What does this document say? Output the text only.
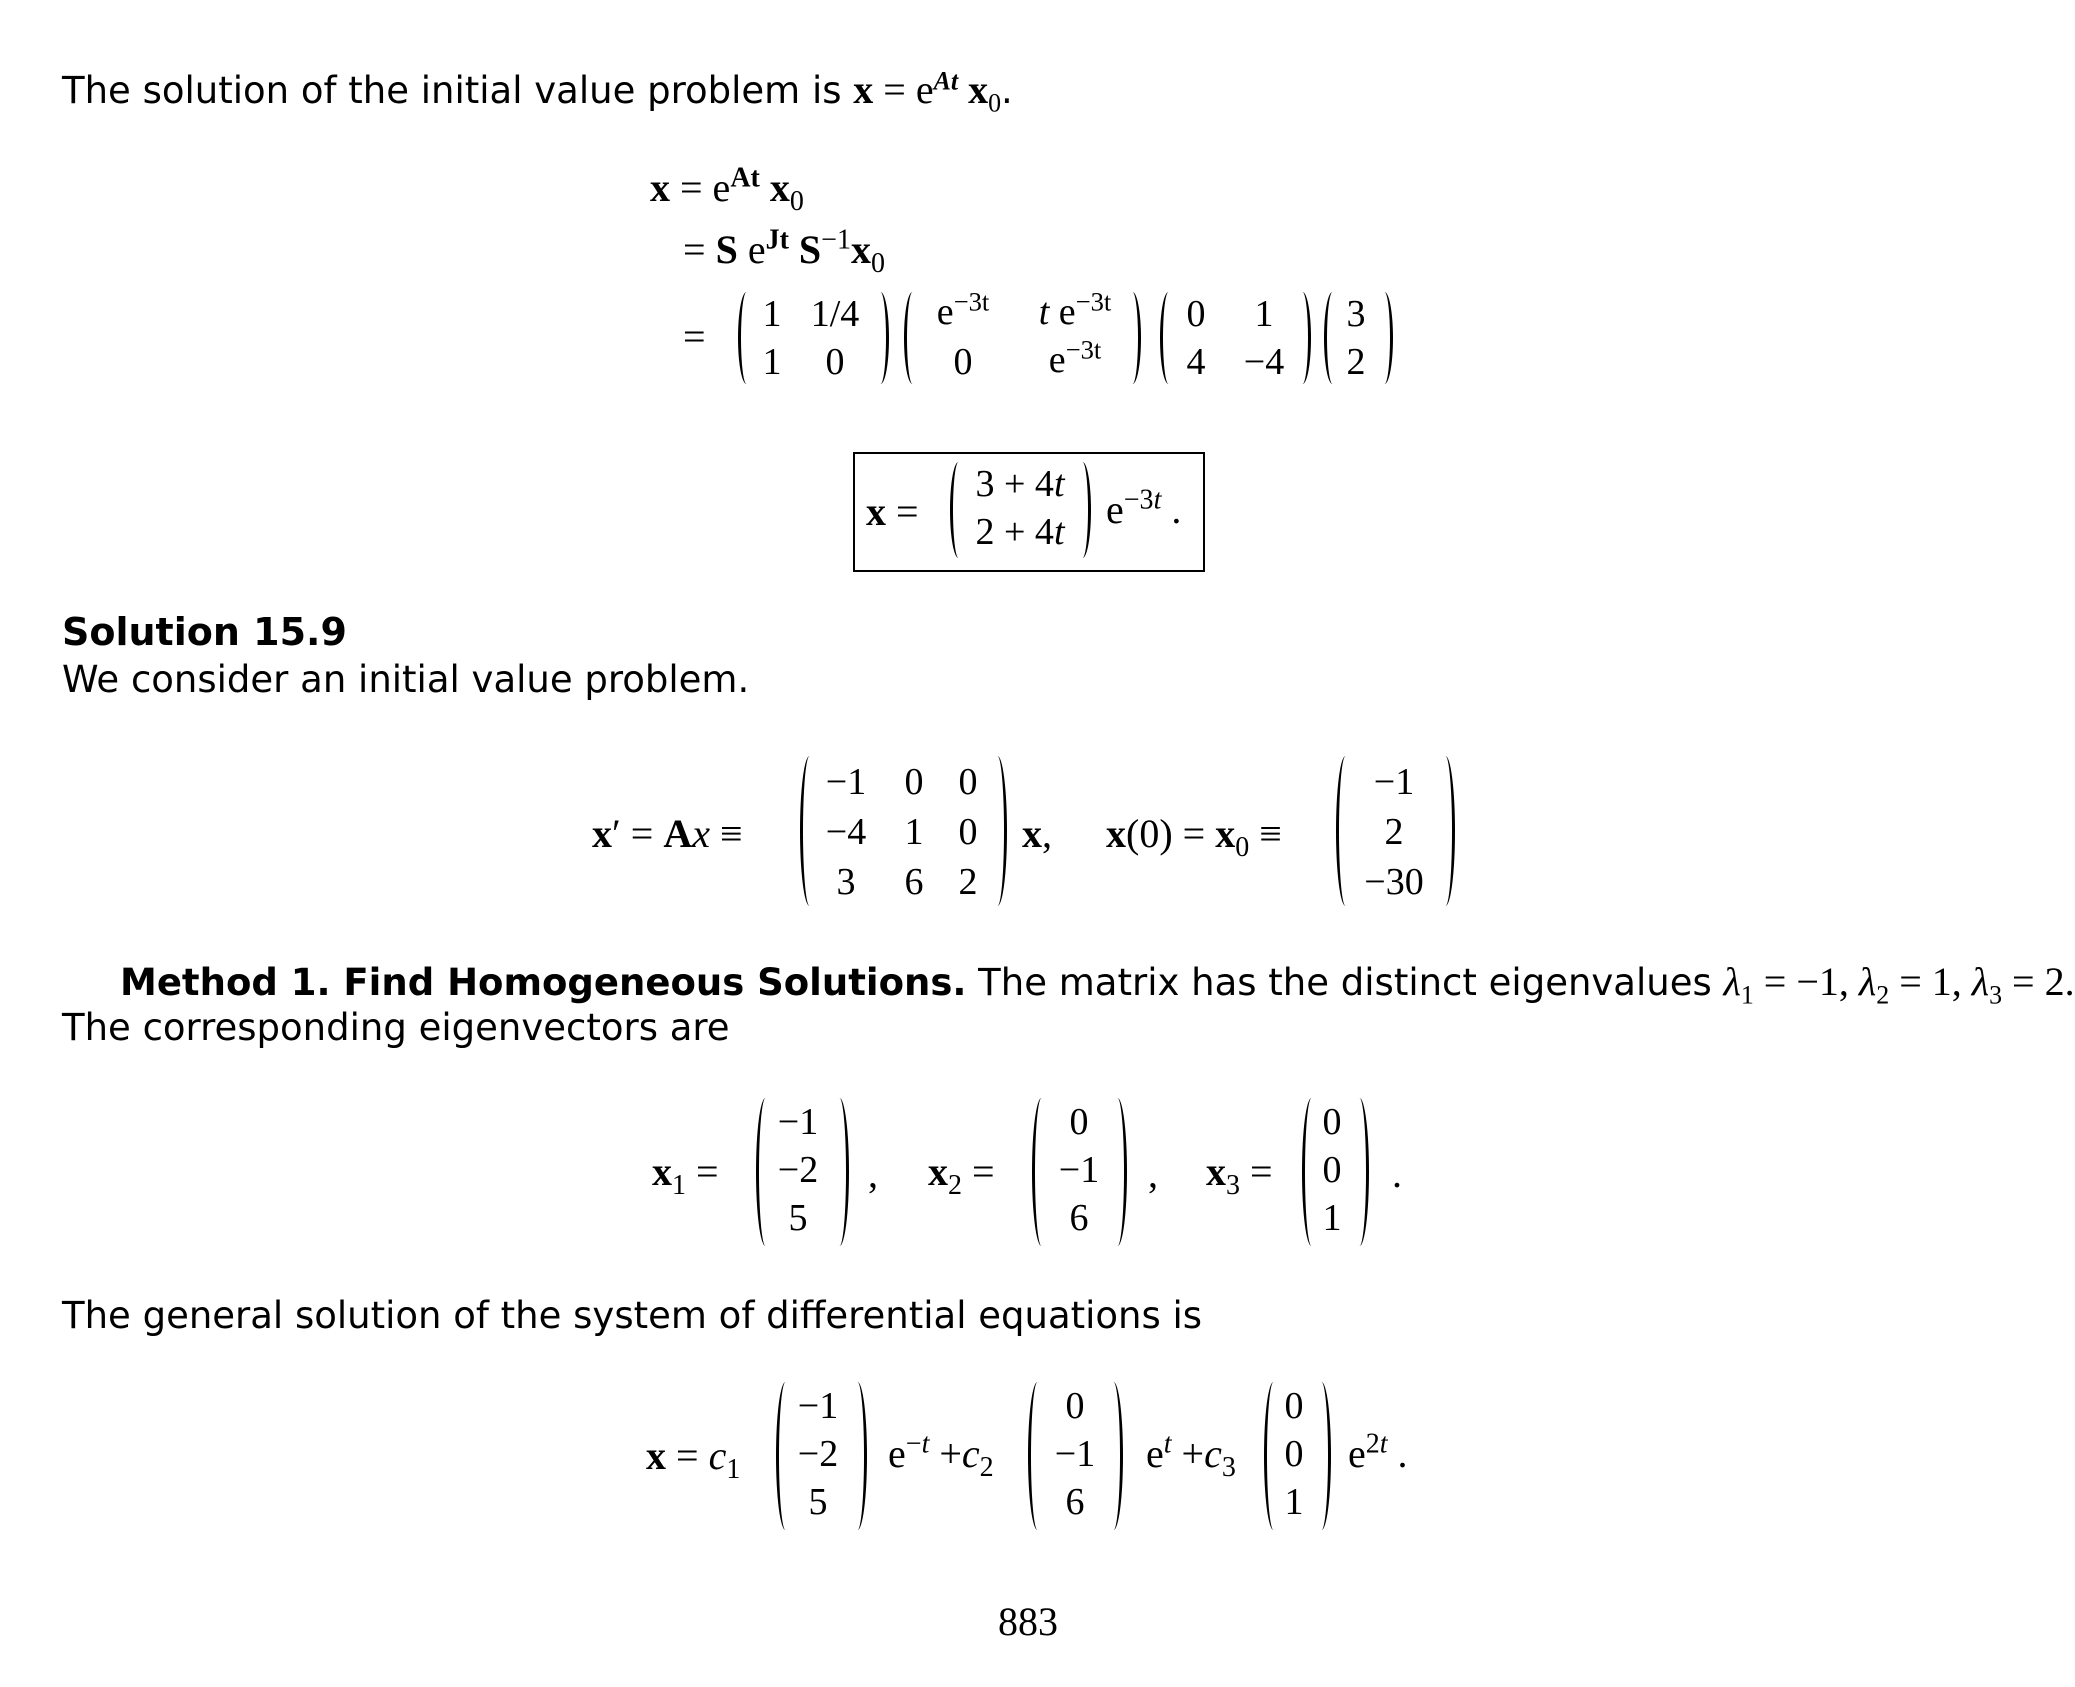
The solution of the initial value problem is $x = e^{At}$ $x_0$.
$x = e^{At}$ $x_0$
= S $e^{Jt}$ $S^{-1}x_0$
= 1 1/4
1	0
$e^{-3t}$	t $e^{-3t}$
0	$e^{-3t}$
0	1
4 −4
3
2
x =
3 + 4t
2 + 4t	$e^{-3t}$ .
Solution 15.9
We consider an initial value problem.
x′ = Ax ≡
−1 0 0
−4 1 0
3	6 2
x, $x(0) = x_0$ ≡
−1
2
−30
Method 1. Find Homogeneous Solutions. The matrix has the distinct eigenvalues $\lambda_1 = -1$, $\lambda_2 = 1$, $\lambda_3 = 2$.
The corresponding eigenvectors are
$x_1$ =
−1
−2
5
, $x_2$ =
0
−1
6
, $x_3$ =
0
0
1
.
The general solution of the system of differential equations is
$x = c_1$
−1
−2
5
$e^{-t} +c_2$
0
−1
6
$e^t +c_3$
0
0
1
$e^{2t}$ .
883
